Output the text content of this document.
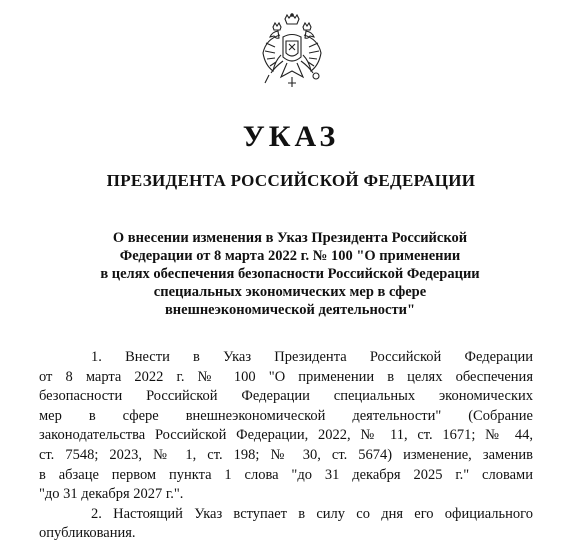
УКАЗ
ПРЕЗИДЕНТА РОССИЙСКОЙ ФЕДЕРАЦИИ
О внесении изменения в Указ Президента Российской
Федерации от 8 марта 2022 г. № 100 "О применении
в целях обеспечения безопасности Российской Федерации
специальных экономических мер в сфере
внешнеэкономической деятельности"
1. Внести в Указ Президента Российской Федерации
от 8 марта 2022 г. № 100 "О применении в целях обеспечения
безопасности Российской Федерации специальных экономических
мер в сфере внешнеэкономической деятельности" (Собрание
законодательства Российской Федерации, 2022, № 11, ст. 1671; № 44,
ст. 7548; 2023, № 1, ст. 198; № 30, ст. 5674) изменение, заменив
в абзаце первом пункта 1 слова "до 31 декабря 2025 г." словами
"до 31 декабря 2027 г.".
2. Настоящий Указ вступает в силу со дня его официального
опубликования.
